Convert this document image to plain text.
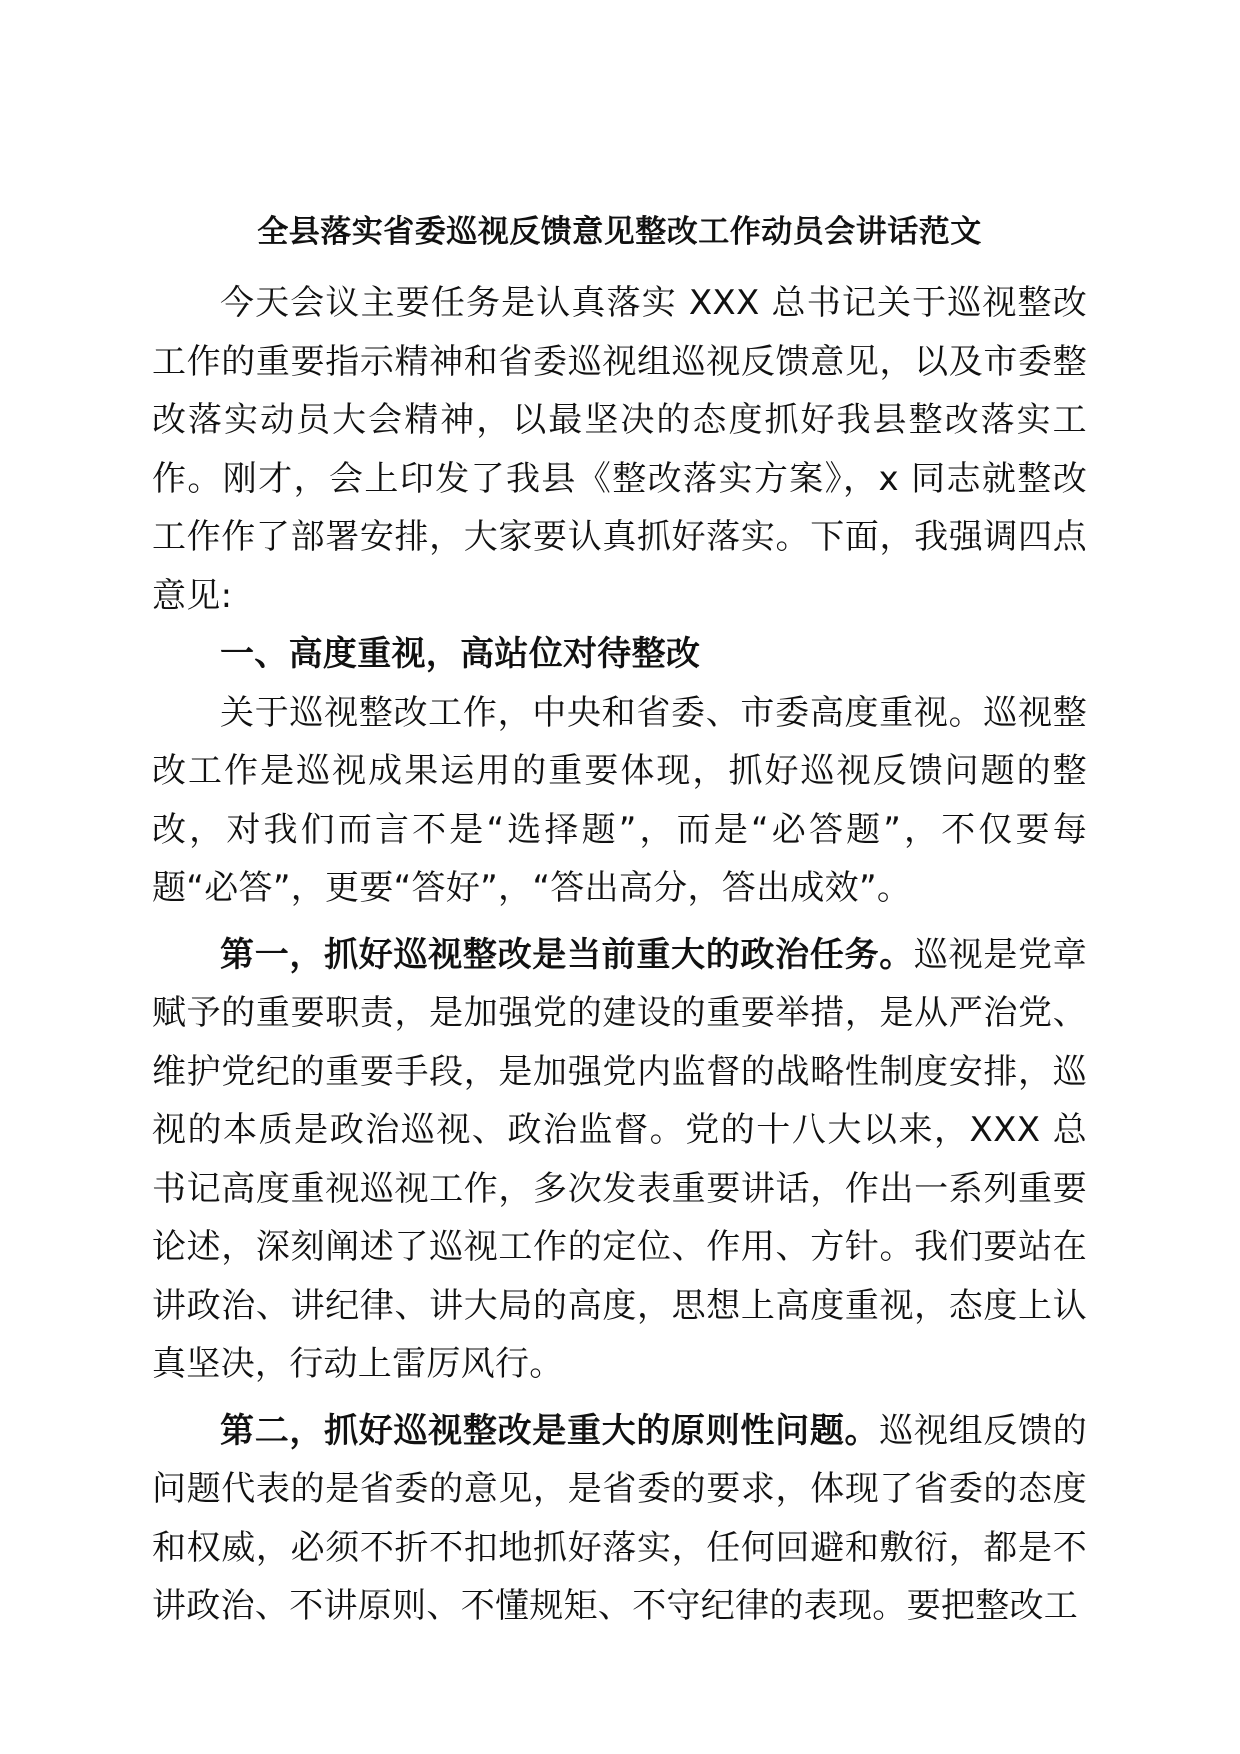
全县落实省委巡视反馈意见整改工作动员会讲话范文

今天会议主要任务是认真落实 XXX 总书记关于巡视整改工作的重要指示精神和省委巡视组巡视反馈意见，以及市委整改落实动员大会精神，以最坚决的态度抓好我县整改落实工作。刚才，会上印发了我县《整改落实方案》，x 同志就整改工作作了部署安排，大家要认真抓好落实。下面，我强调四点意见:

一、高度重视，高站位对待整改

关于巡视整改工作，中央和省委、市委高度重视。巡视整改工作是巡视成果运用的重要体现，抓好巡视反馈问题的整改，对我们而言不是“选择题”，而是“必答题”，不仅要每题“必答”，更要“答好”，“答出高分，答出成效”。

第一，抓好巡视整改是当前重大的政治任务。巡视是党章赋予的重要职责，是加强党的建设的重要举措，是从严治党、维护党纪的重要手段，是加强党内监督的战略性制度安排，巡视的本质是政治巡视、政治监督。党的十八大以来，XXX 总书记高度重视巡视工作，多次发表重要讲话，作出一系列重要论述，深刻阐述了巡视工作的定位、作用、方针。我们要站在讲政治、讲纪律、讲大局的高度，思想上高度重视，态度上认真坚决，行动上雷厉风行。

第二，抓好巡视整改是重大的原则性问题。巡视组反馈的问题代表的是省委的意见，是省委的要求，体现了省委的态度和权威，必须不折不扣地抓好落实，任何回避和敷衍，都是不讲政治、不讲原则、不懂规矩、不守纪律的表现。要把整改工
